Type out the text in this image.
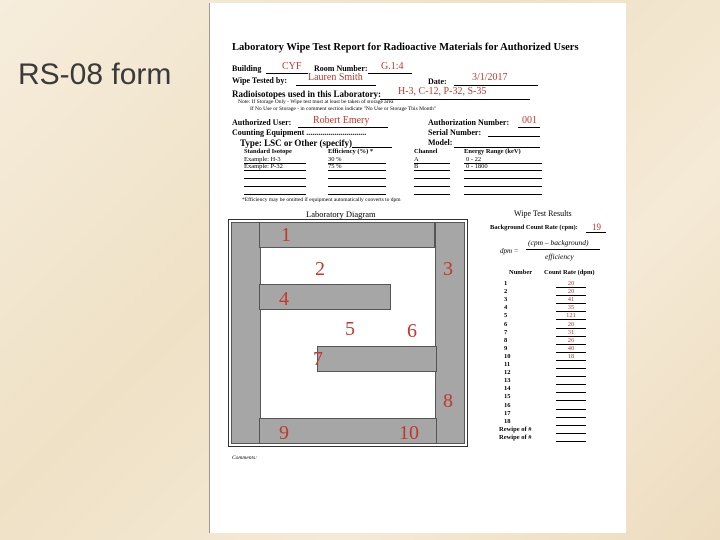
RS-08 form
Laboratory Wipe Test Report for Radioactive Materials for Authorized Users
Building CYF Room Number: G.1:4
Wipe Tested by: Lauren Smith	Date:	3/1/2017
Radioisotopes used in this Laboratory: H-3, C-12, P-32, S-35
Note: If Storage Only - Wipe test must at least be taken of storage area
If No Use or Storage - in comment section indicate "No Use or Storage This Month"
Authorized User: Robert Emery	Authorization Number: 001
Counting Equipment ..............................	Serial Number:
Type: LSC or Other (specify)	Model:
Standard Isotope	Efficiency (%) *	Channel	Energy Range (keV)
Example: H-3	30 %	A	0 - 22
Example: P-32	75 %	B	0 - 1800
*Efficiency may be omitted if equipment automatically converts to dpm
Laboratory Diagram
1
2	3
4
5	6
7
8
9	10
Wipe Test Results
Background Count Rate (cpm): 19
dpm =
(cpm – background)
efficiency
Number Count Rate (dpm)
1	20
2	20
3	41
4	35
5	121
6	20
7	31
8	26
9	40
10	18
11
12
13
14
15
16
17
18
Rewipe of #
Rewipe of #
Comments:
